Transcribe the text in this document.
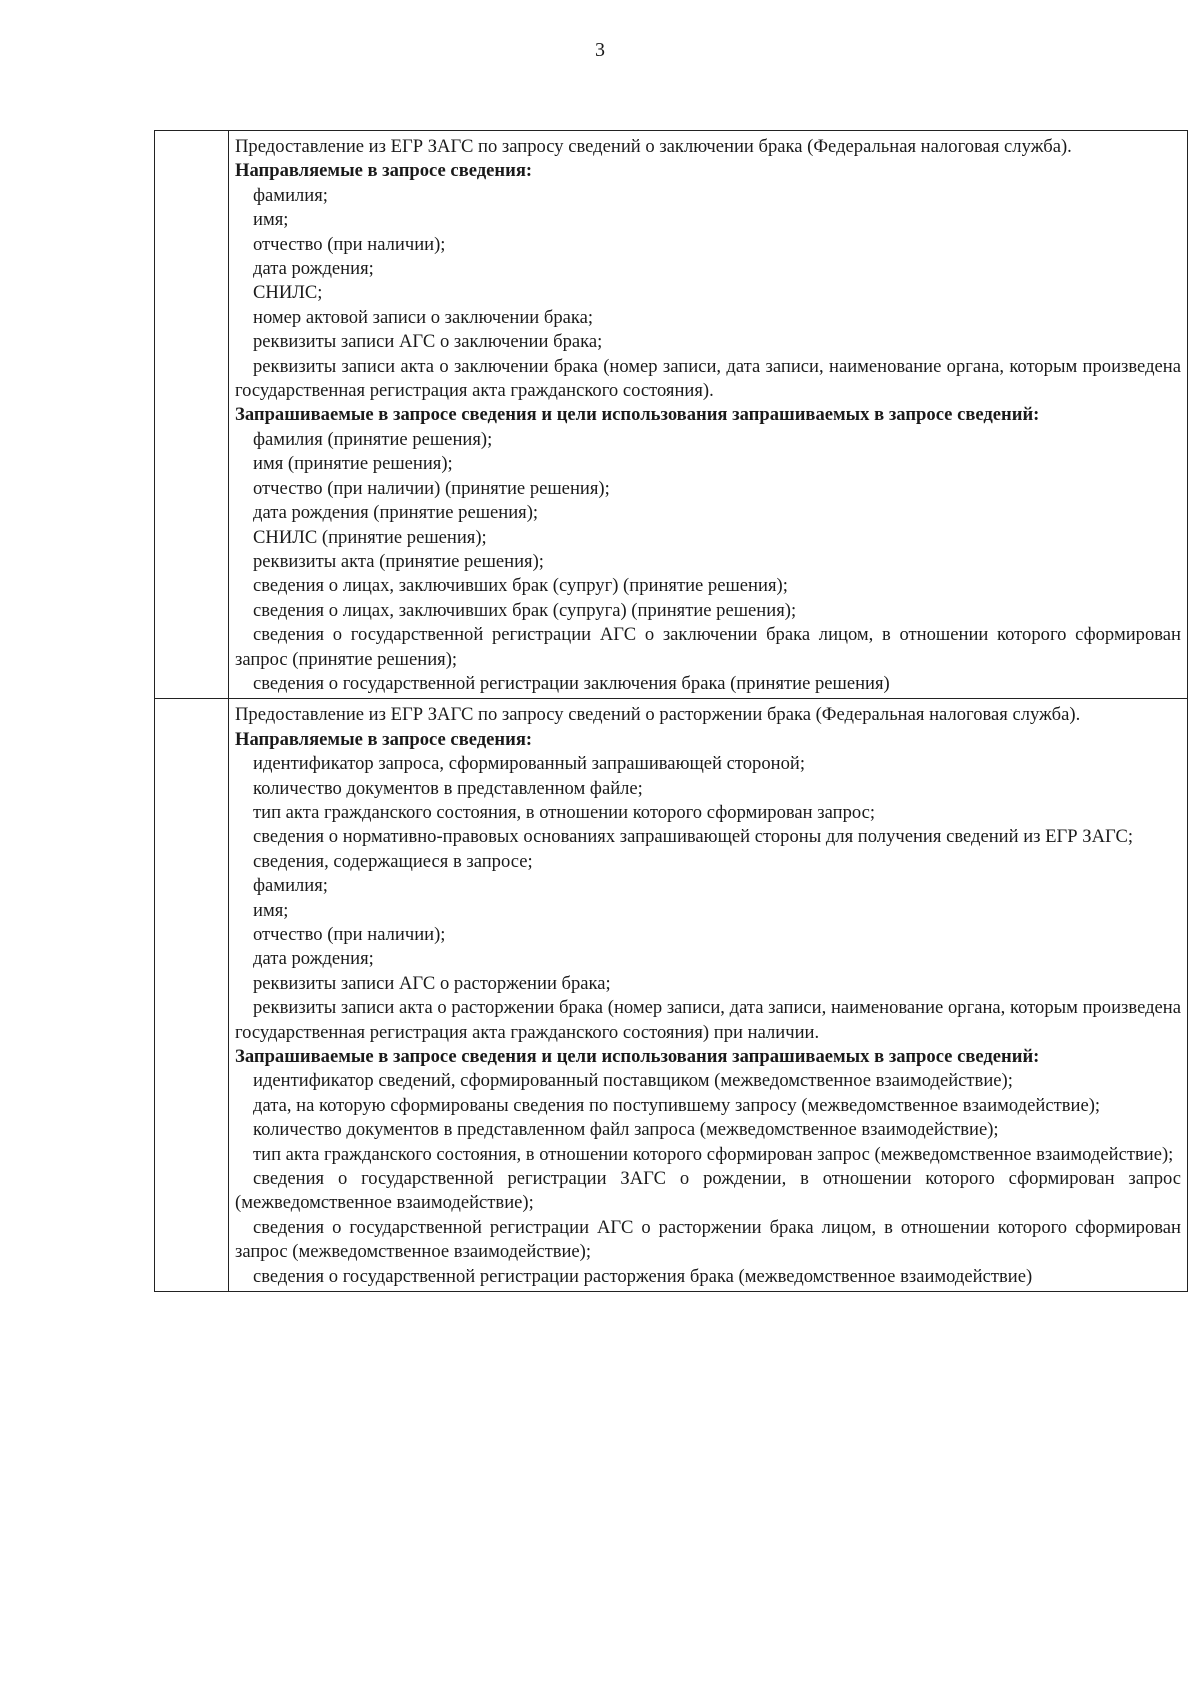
3

Предоставление из ЕГР ЗАГС по запросу сведений о заключении брака (Федеральная налоговая служба).

Направляемые в запросе сведения:

фамилия;

имя;

отчество (при наличии);

дата рождения;

СНИЛС;

номер актовой записи о заключении брака;

реквизиты записи АГС о заключении брака;

реквизиты записи акта о заключении брака (номер записи, дата записи, наименование органа, которым произведена государственная регистрация акта гражданского состояния).

Запрашиваемые в запросе сведения и цели использования запрашиваемых в запросе сведений:

фамилия (принятие решения);

имя (принятие решения);

отчество (при наличии) (принятие решения);

дата рождения (принятие решения);

СНИЛС (принятие решения);

реквизиты акта (принятие решения);

сведения о лицах, заключивших брак (супруг) (принятие решения);

сведения о лицах, заключивших брак (супруга) (принятие решения);

сведения о государственной регистрации АГС о заключении брака лицом, в отношении которого сформирован запрос (принятие решения);

сведения о государственной регистрации заключения брака (принятие решения)

Предоставление из ЕГР ЗАГС по запросу сведений о расторжении брака (Федеральная налоговая служба).

Направляемые в запросе сведения:

идентификатор запроса, сформированный запрашивающей стороной;

количество документов в представленном файле;

тип акта гражданского состояния, в отношении которого сформирован запрос;

сведения о нормативно-правовых основаниях запрашивающей стороны для получения сведений из ЕГР ЗАГС;

сведения, содержащиеся в запросе;

фамилия;

имя;

отчество (при наличии);

дата рождения;

реквизиты записи АГС о расторжении брака;

реквизиты записи акта о расторжении брака (номер записи, дата записи, наименование органа, которым произведена государственная регистрация акта гражданского состояния) при наличии.

Запрашиваемые в запросе сведения и цели использования запрашиваемых в запросе сведений:

идентификатор сведений, сформированный поставщиком (межведомственное взаимодействие);

дата, на которую сформированы сведения по поступившему запросу (межведомственное взаимодействие);

количество документов в представленном файл запроса (межведомственное взаимодействие);

тип акта гражданского состояния, в отношении которого сформирован запрос (межведомственное взаимодействие);

сведения о государственной регистрации ЗАГС о рождении, в отношении которого сформирован запрос (межведомственное взаимодействие);

сведения о государственной регистрации АГС о расторжении брака лицом, в отношении которого сформирован запрос (межведомственное взаимодействие);

сведения о государственной регистрации расторжения брака (межведомственное взаимодействие)
